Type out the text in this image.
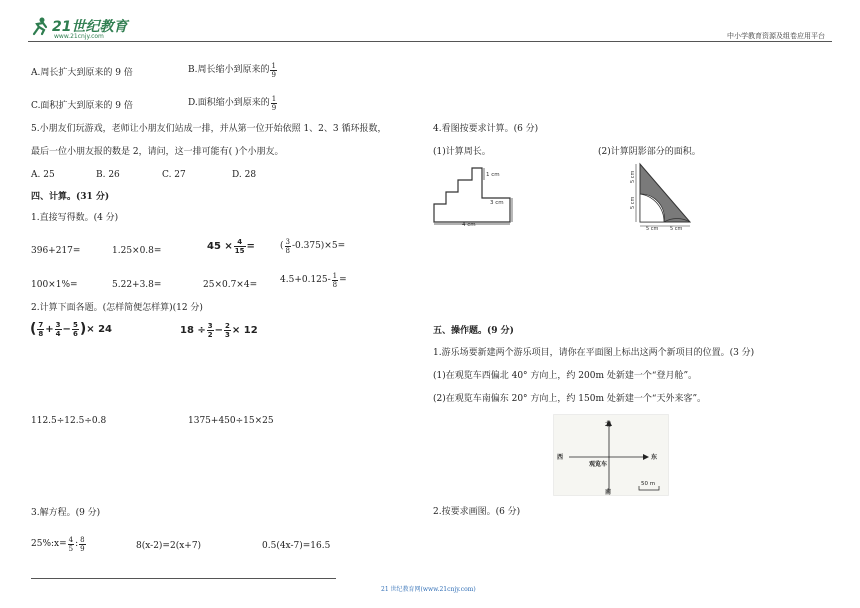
21世纪教育
www.21cnjy.com	中小学教育资源及组卷应用平台
A.周长扩大到原来的 9 倍	B.周长缩小到原来的 $\frac{1}{9}$
C.面积扩大到原来的 9 倍	D.面积缩小到原来的 $\frac{1}{9}$
5.小朋友们玩游戏，老师让小朋友们站成一排，并从第一位开始依照 1、2、3 循环报数，
最后一位小朋友报的数是 2，请问，这一排可能有( )个小朋友。
A. 25	B. 26	C. 27	D. 28
四、计算。(31 分)
1.直接写得数。(4 分)
396+217=	1.25×0.8=	$45 \times \frac{4}{15}$ =	( $\frac{3}{8} -0.375)\times 5=$
100×1%=	5.22+3.8=	25×0.7×4=	$4.5+0.125- \frac{1}{8}$ =
2.计算下面各题。(怎样简便怎样算)(12 分)
( $\frac{7}{8} + \frac{3}{4} - \frac{5}{6}$ )× 24	$18 \div \frac{3}{2} - \frac{2}{3} \times 12$
112.5÷12.5÷0.8	1375+450÷15×25
3.解方程。(9 分)
25%:x= $\frac{4}{5}$ : $\frac{8}{9}$	8(x-2)=2(x+7)	0.5(4x-7)=16.5
4.看图按要求计算。(6 分)
(1)计算周长。	(2)计算阴影部分的面积。
1 cm
3 cm
4 cm
5 cm
5 cm
5 cm 5 cm
五、操作题。(9 分)
1.游乐场要新建两个游乐项目，请你在平面图上标出这两个新项目的位置。(3 分)
(1)在观览车西偏北 40° 方向上，约 200m 处新建一个“登月舱”。
(2)在观览车南偏东 20° 方向上，约 150m 处新建一个“天外来客”。
北
南
西	东
观览车
50 m
2.按要求画图。(6 分)
21 世纪教育网(www.21cnjy.com)
